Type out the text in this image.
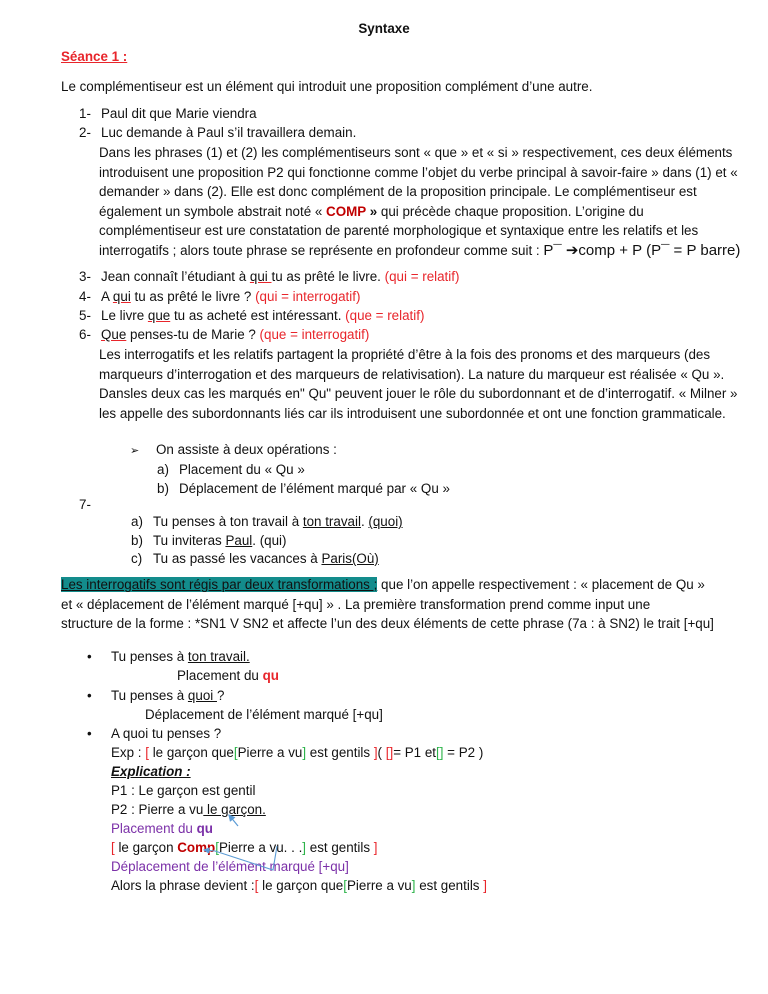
Syntaxe
Séance 1 :
Le complémentiseur est un élément qui introduit une proposition complément d’une autre.
1- Paul dit que Marie viendra
2- Luc demande à Paul s’il travaillera demain.
Dans les phrases (1) et (2) les complémentiseurs sont « que » et « si » respectivement, ces deux éléments introduisent une proposition P2 qui fonctionne comme l’objet du verbe principal à savoir-faire » dans (1) et « demander » dans (2). Elle est donc complément de la proposition principale. Le complémentiseur est également un symbole abstrait noté « COMP » qui précède chaque proposition. L’origine du complémentiseur est ure constatation de parenté morphologique et syntaxique entre les relatifs et les interrogatifs ; alors toute phrase se représente en profondeur comme suit : P¯ ➔comp + P (P¯ = P barre)
3- Jean connaît l’étudiant à qui tu as prêté le livre. (qui = relatif)
4- A qui tu as prêté le livre ? (qui = interrogatif)
5- Le livre que tu as acheté est intéressant. (que = relatif)
6- Que penses-tu de Marie ? (que = interrogatif)
Les interrogatifs et les relatifs partagent la propriété d’être à la fois des pronoms et des marqueurs (des marqueurs d’interrogation et des marqueurs de relativisation). La nature du marqueur est réalisée « Qu ». Dansles deux cas les marqués en" Qu" peuvent jouer le rôle du subordonnant et de d’interrogatif. « Milner » les appelle des subordonnants liés car ils introduisent une subordonnée et ont une fonction grammaticale.
➢ On assiste à deux opérations :
a) Placement du « Qu »
b) Déplacement de l’élément marqué par « Qu »
7-
a) Tu penses à ton travail à ton travail. (quoi)
b) Tu inviteras Paul. (qui)
c) Tu as passé les vacances à Paris(Où)
Les interrogatifs sont régis par deux transformations ; que l’on appelle respectivement : « placement de Qu »
et « déplacement de l’élément marqué [+qu] » . La première transformation prend comme input une
structure de la forme : *SN1 V SN2 et affecte l’un des deux éléments de cette phrase (7a : à SN2) le trait [+qu]
• Tu penses à ton travail.
Placement du qu
• Tu penses à quoi ?
Déplacement de l’élément marqué [+qu]
• A quoi tu penses ?
Exp : [ le garçon que[Pierre a vu] est gentils ]( []= P1 et[] = P2 )
Explication :
P1 : Le garçon est gentil
P2 : Pierre a vu le garçon.
Placement du qu
[ le garçon Comp[Pierre a vu. . .] est gentils ]
Déplacement de l’élément marqué [+qu]
Alors la phrase devient :[ le garçon que[Pierre a vu] est gentils ]
